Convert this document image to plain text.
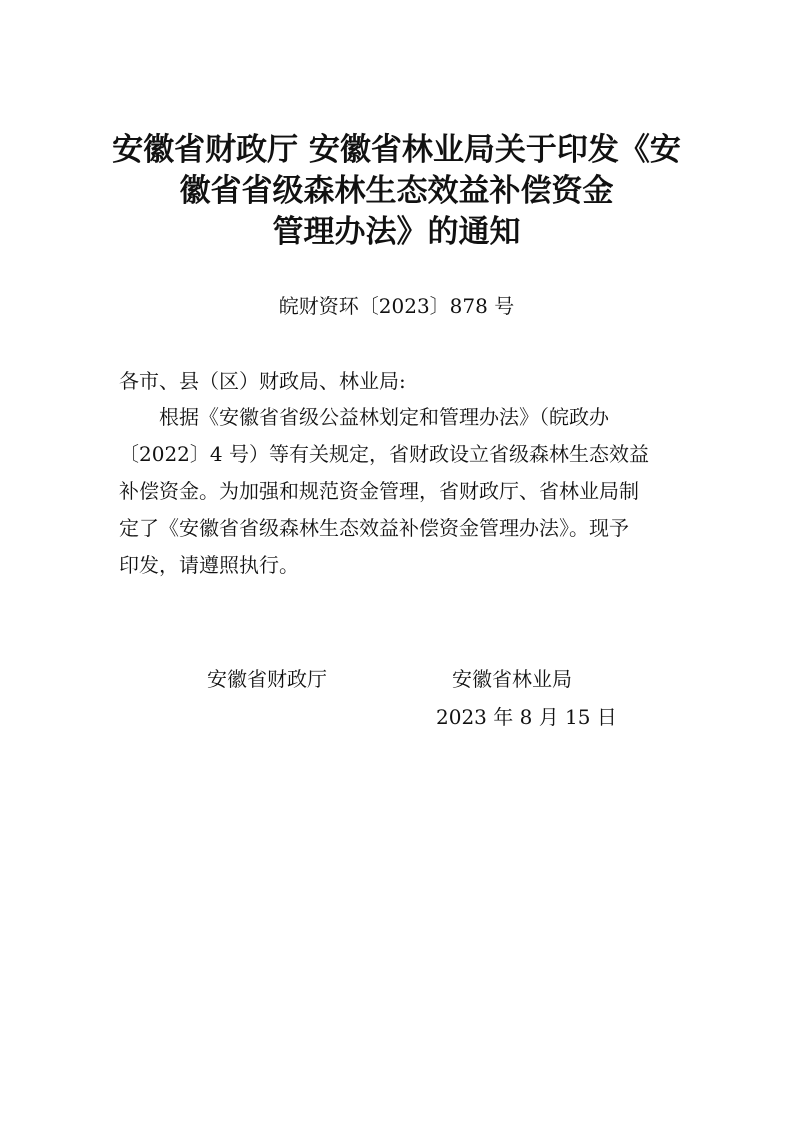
安徽省财政厅 安徽省林业局关于印发《安
徽省省级森林生态效益补偿资金
管理办法》的通知
皖财资环〔2023〕878 号
各市、县（区）财政局、林业局:
根据《安徽省省级公益林划定和管理办法》（皖政办
〔2022〕4 号）等有关规定，省财政设立省级森林生态效益
补偿资金。为加强和规范资金管理，省财政厅、省林业局制
定了《安徽省省级森林生态效益补偿资金管理办法》。现予
印发，请遵照执行。
安徽省财政厅	安徽省林业局
2023 年 8 月 15 日
